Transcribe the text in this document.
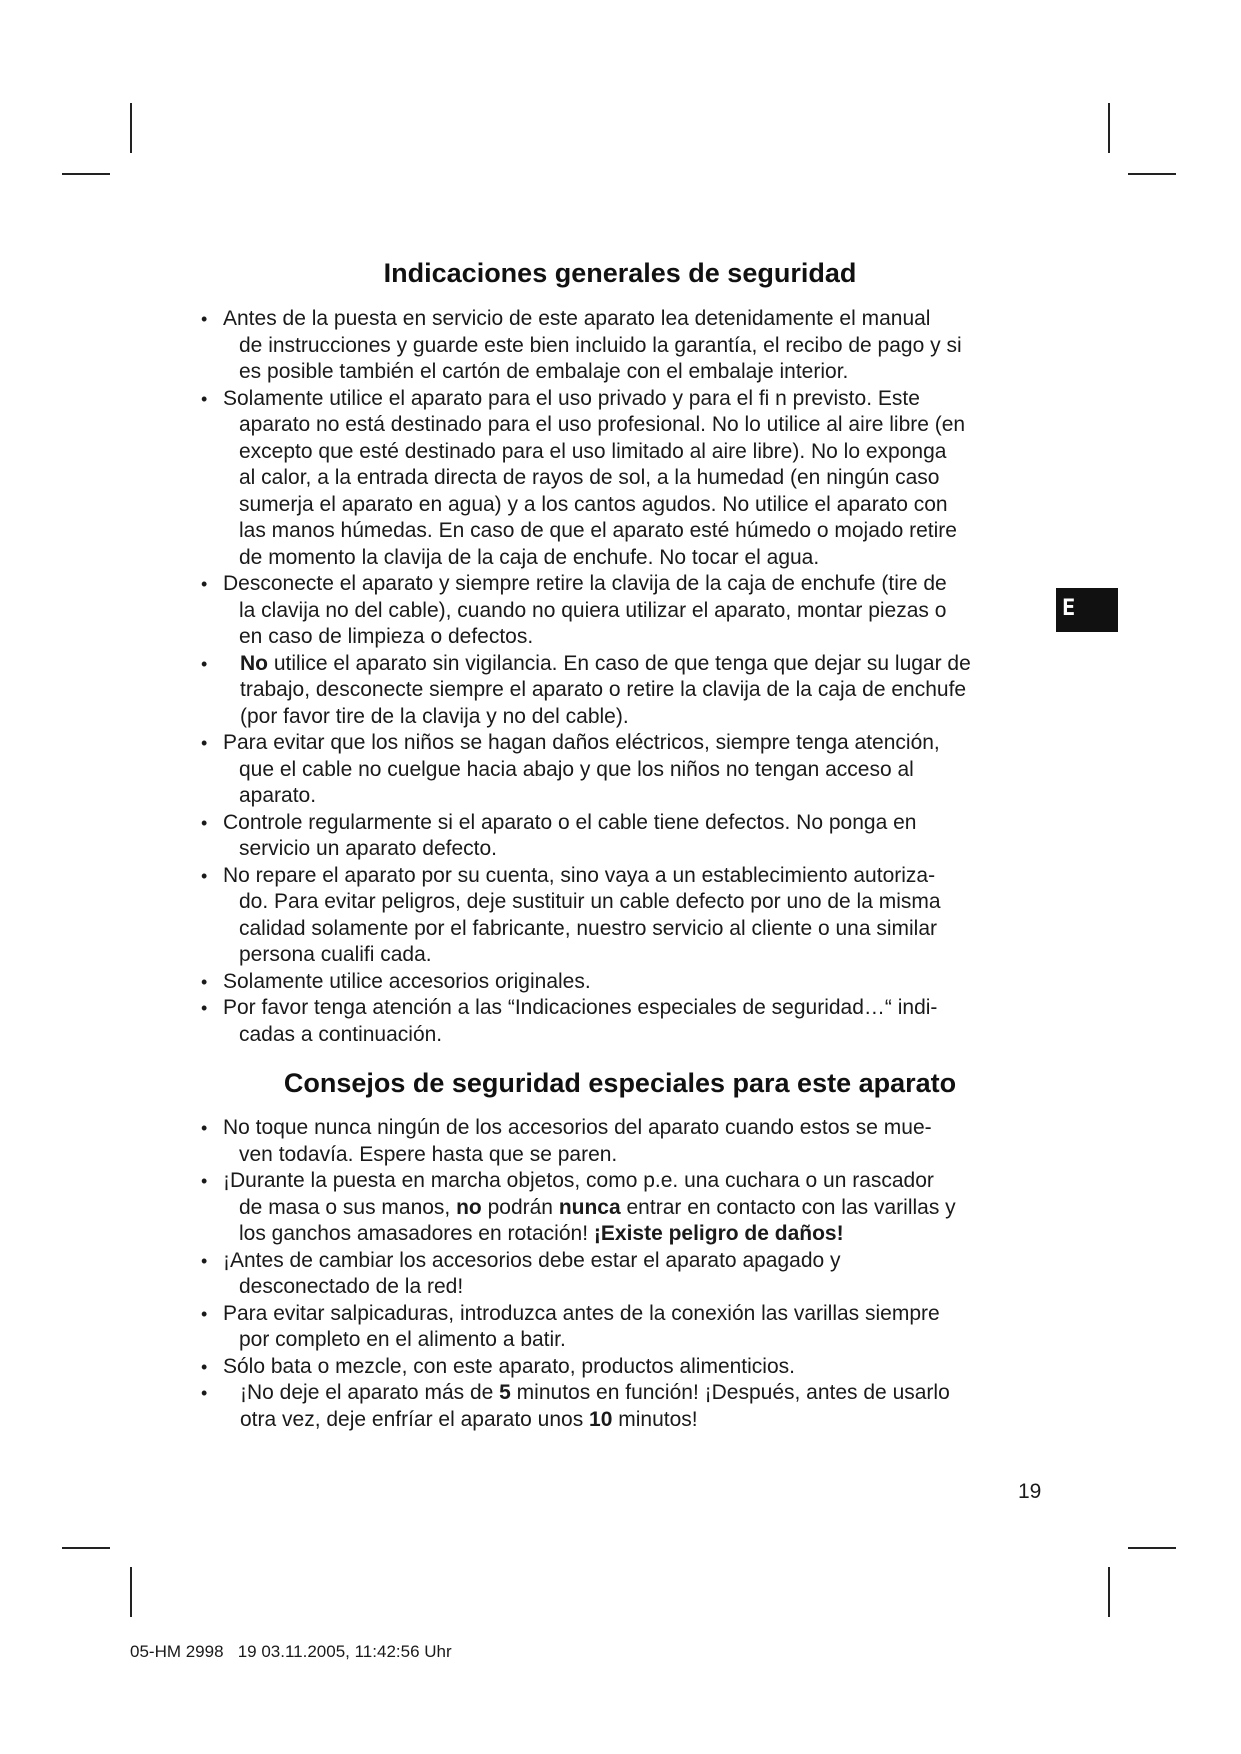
Indicaciones generales de seguridad
• Antes de la puesta en servicio de este aparato lea detenidamente el manual
de instrucciones y guarde este bien incluido la garantía, el recibo de pago y si
es posible también el cartón de embalaje con el embalaje interior.
• Solamente utilice el aparato para el uso privado y para el fi n previsto. Este
aparato no está destinado para el uso profesional. No lo utilice al aire libre (en
excepto que esté destinado para el uso limitado al aire libre). No lo exponga
al calor, a la entrada directa de rayos de sol, a la humedad (en ningún caso
sumerja el aparato en agua) y a los cantos agudos. No utilice el aparato con
las manos húmedas. En caso de que el aparato esté húmedo o mojado retire
de momento la clavija de la caja de enchufe. No tocar el agua.
• Desconecte el aparato y siempre retire la clavija de la caja de enchufe (tire de
la clavija no del cable), cuando no quiera utilizar el aparato, montar piezas o
en caso de limpieza o defectos.
• No utilice el aparato sin vigilancia. En caso de que tenga que dejar su lugar de
trabajo, desconecte siempre el aparato o retire la clavija de la caja de enchufe
(por favor tire de la clavija y no del cable).
• Para evitar que los niños se hagan daños eléctricos, siempre tenga atención,
que el cable no cuelgue hacia abajo y que los niños no tengan acceso al
aparato.
• Controle regularmente si el aparato o el cable tiene defectos. No ponga en
servicio un aparato defecto.
• No repare el aparato por su cuenta, sino vaya a un establecimiento autoriza-
do. Para evitar peligros, deje sustituir un cable defecto por uno de la misma
calidad solamente por el fabricante, nuestro servicio al cliente o una similar
persona cualifi cada.
• Solamente utilice accesorios originales.
• Por favor tenga atención a las “Indicaciones especiales de seguridad…“ indi-
cadas a continuación.
Consejos de seguridad especiales para este aparato
• No toque nunca ningún de los accesorios del aparato cuando estos se mue-
ven todavía. Espere hasta que se paren.
• ¡Durante la puesta en marcha objetos, como p.e. una cuchara o un rascador
de masa o sus manos, no podrán nunca entrar en contacto con las varillas y
los ganchos amasadores en rotación! ¡Existe peligro de daños!
• ¡Antes de cambiar los accesorios debe estar el aparato apagado y
desconectado de la red!
• Para evitar salpicaduras, introduzca antes de la conexión las varillas siempre
por completo en el alimento a batir.
• Sólo bata o mezcle, con este aparato, productos alimenticios.
• ¡No deje el aparato más de 5 minutos en función! ¡Después, antes de usarlo
otra vez, deje enfríar el aparato unos 10 minutos!
E
19
05-HM 2998   19 03.11.2005, 11:42:56 Uhr
